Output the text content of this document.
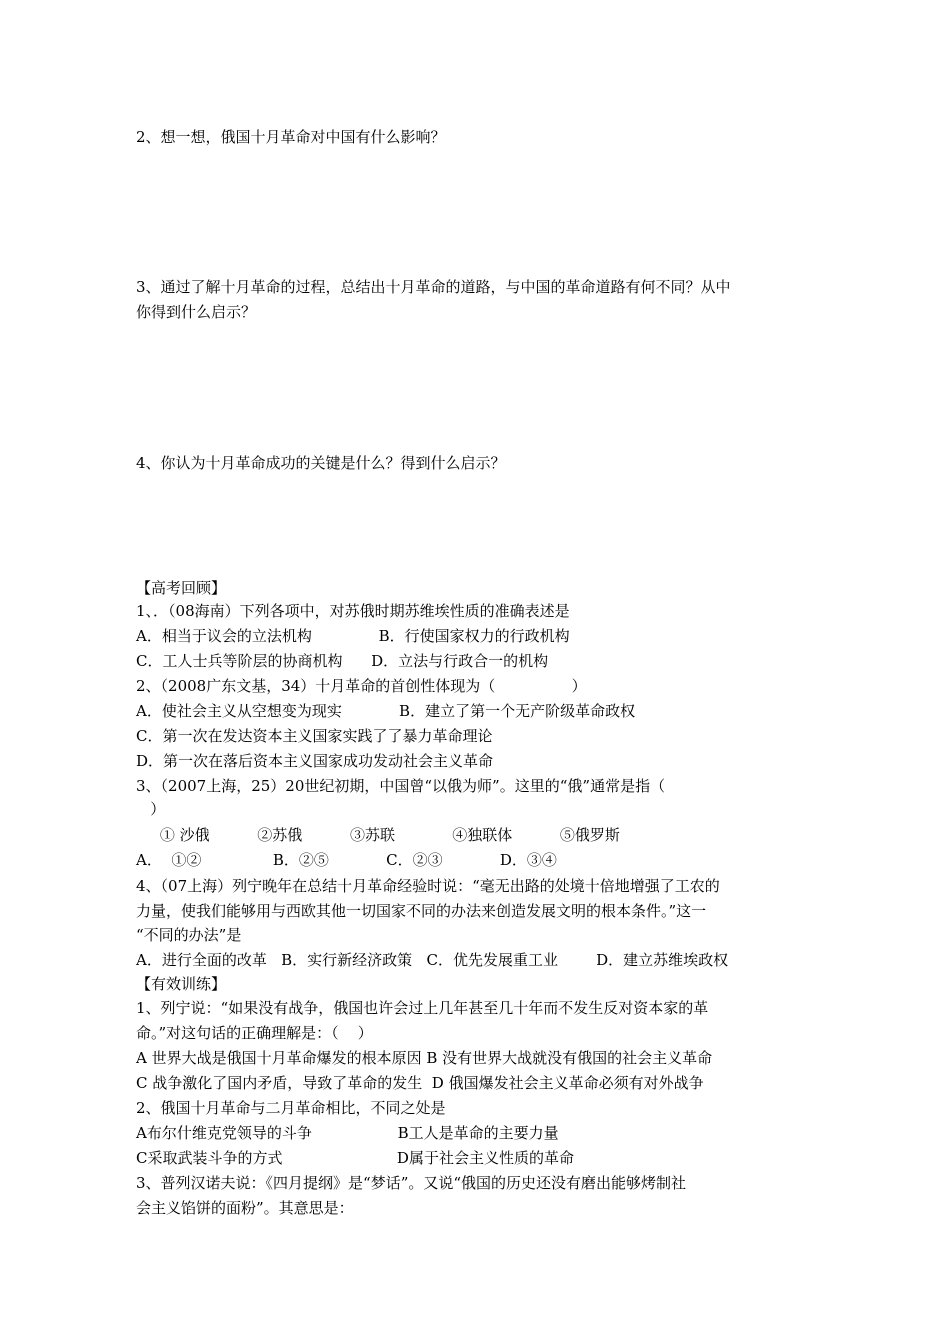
2、想一想，俄国十月革命对中国有什么影响？

3、通过了解十月革命的过程，总结出十月革命的道路，与中国的革命道路有何不同？从中

你得到什么启示？

4、你认为十月革命成功的关键是什么？得到什么启示？

【高考回顾】

1、．（08海南）下列各项中，对苏俄时期苏维埃性质的准确表述是

A．相当于议会的立法机构              B．行使国家权力的行政机构

C．工人士兵等阶层的协商机构      D．立法与行政合一的机构

2、（2008广东文基，34）十月革命的首创性体现为（                ）

A．使社会主义从空想变为现实            B．建立了第一个无产阶级革命政权

C．第一次在发达资本主义国家实践了了暴力革命理论

D．第一次在落后资本主义国家成功发动社会主义革命

3、（2007上海，25）20世纪初期，中国曾“以俄为师”。这里的“俄”通常是指（

）

① 沙俄          ②苏俄          ③苏联            ④独联体          ⑤俄罗斯

A．  ①②               B．②⑤            C．②③            D．③④

4、（07上海）列宁晚年在总结十月革命经验时说：“毫无出路的处境十倍地增强了工农的

力量，使我们能够用与西欧其他一切国家不同的办法来创造发展文明的根本条件。”这一

“不同的办法”是

A．进行全面的改革   B．实行新经济政策   C．优先发展重工业        D．建立苏维埃政权

【有效训练】

1、列宁说：“如果没有战争，俄国也许会过上几年甚至几十年而不发生反对资本家的革

命。”对这句话的正确理解是：（    ）

A 世界大战是俄国十月革命爆发的根本原因 B 没有世界大战就没有俄国的社会主义革命

C 战争激化了国内矛盾，导致了革命的发生  D 俄国爆发社会主义革命必须有对外战争

2、俄国十月革命与二月革命相比，不同之处是

A布尔什维克党领导的斗争                  B工人是革命的主要力量

C采取武装斗争的方式                        D属于社会主义性质的革命

3、普列汉诺夫说：《四月提纲》是“梦话”。又说“俄国的历史还没有磨出能够烤制社

会主义馅饼的面粉”。其意思是：
